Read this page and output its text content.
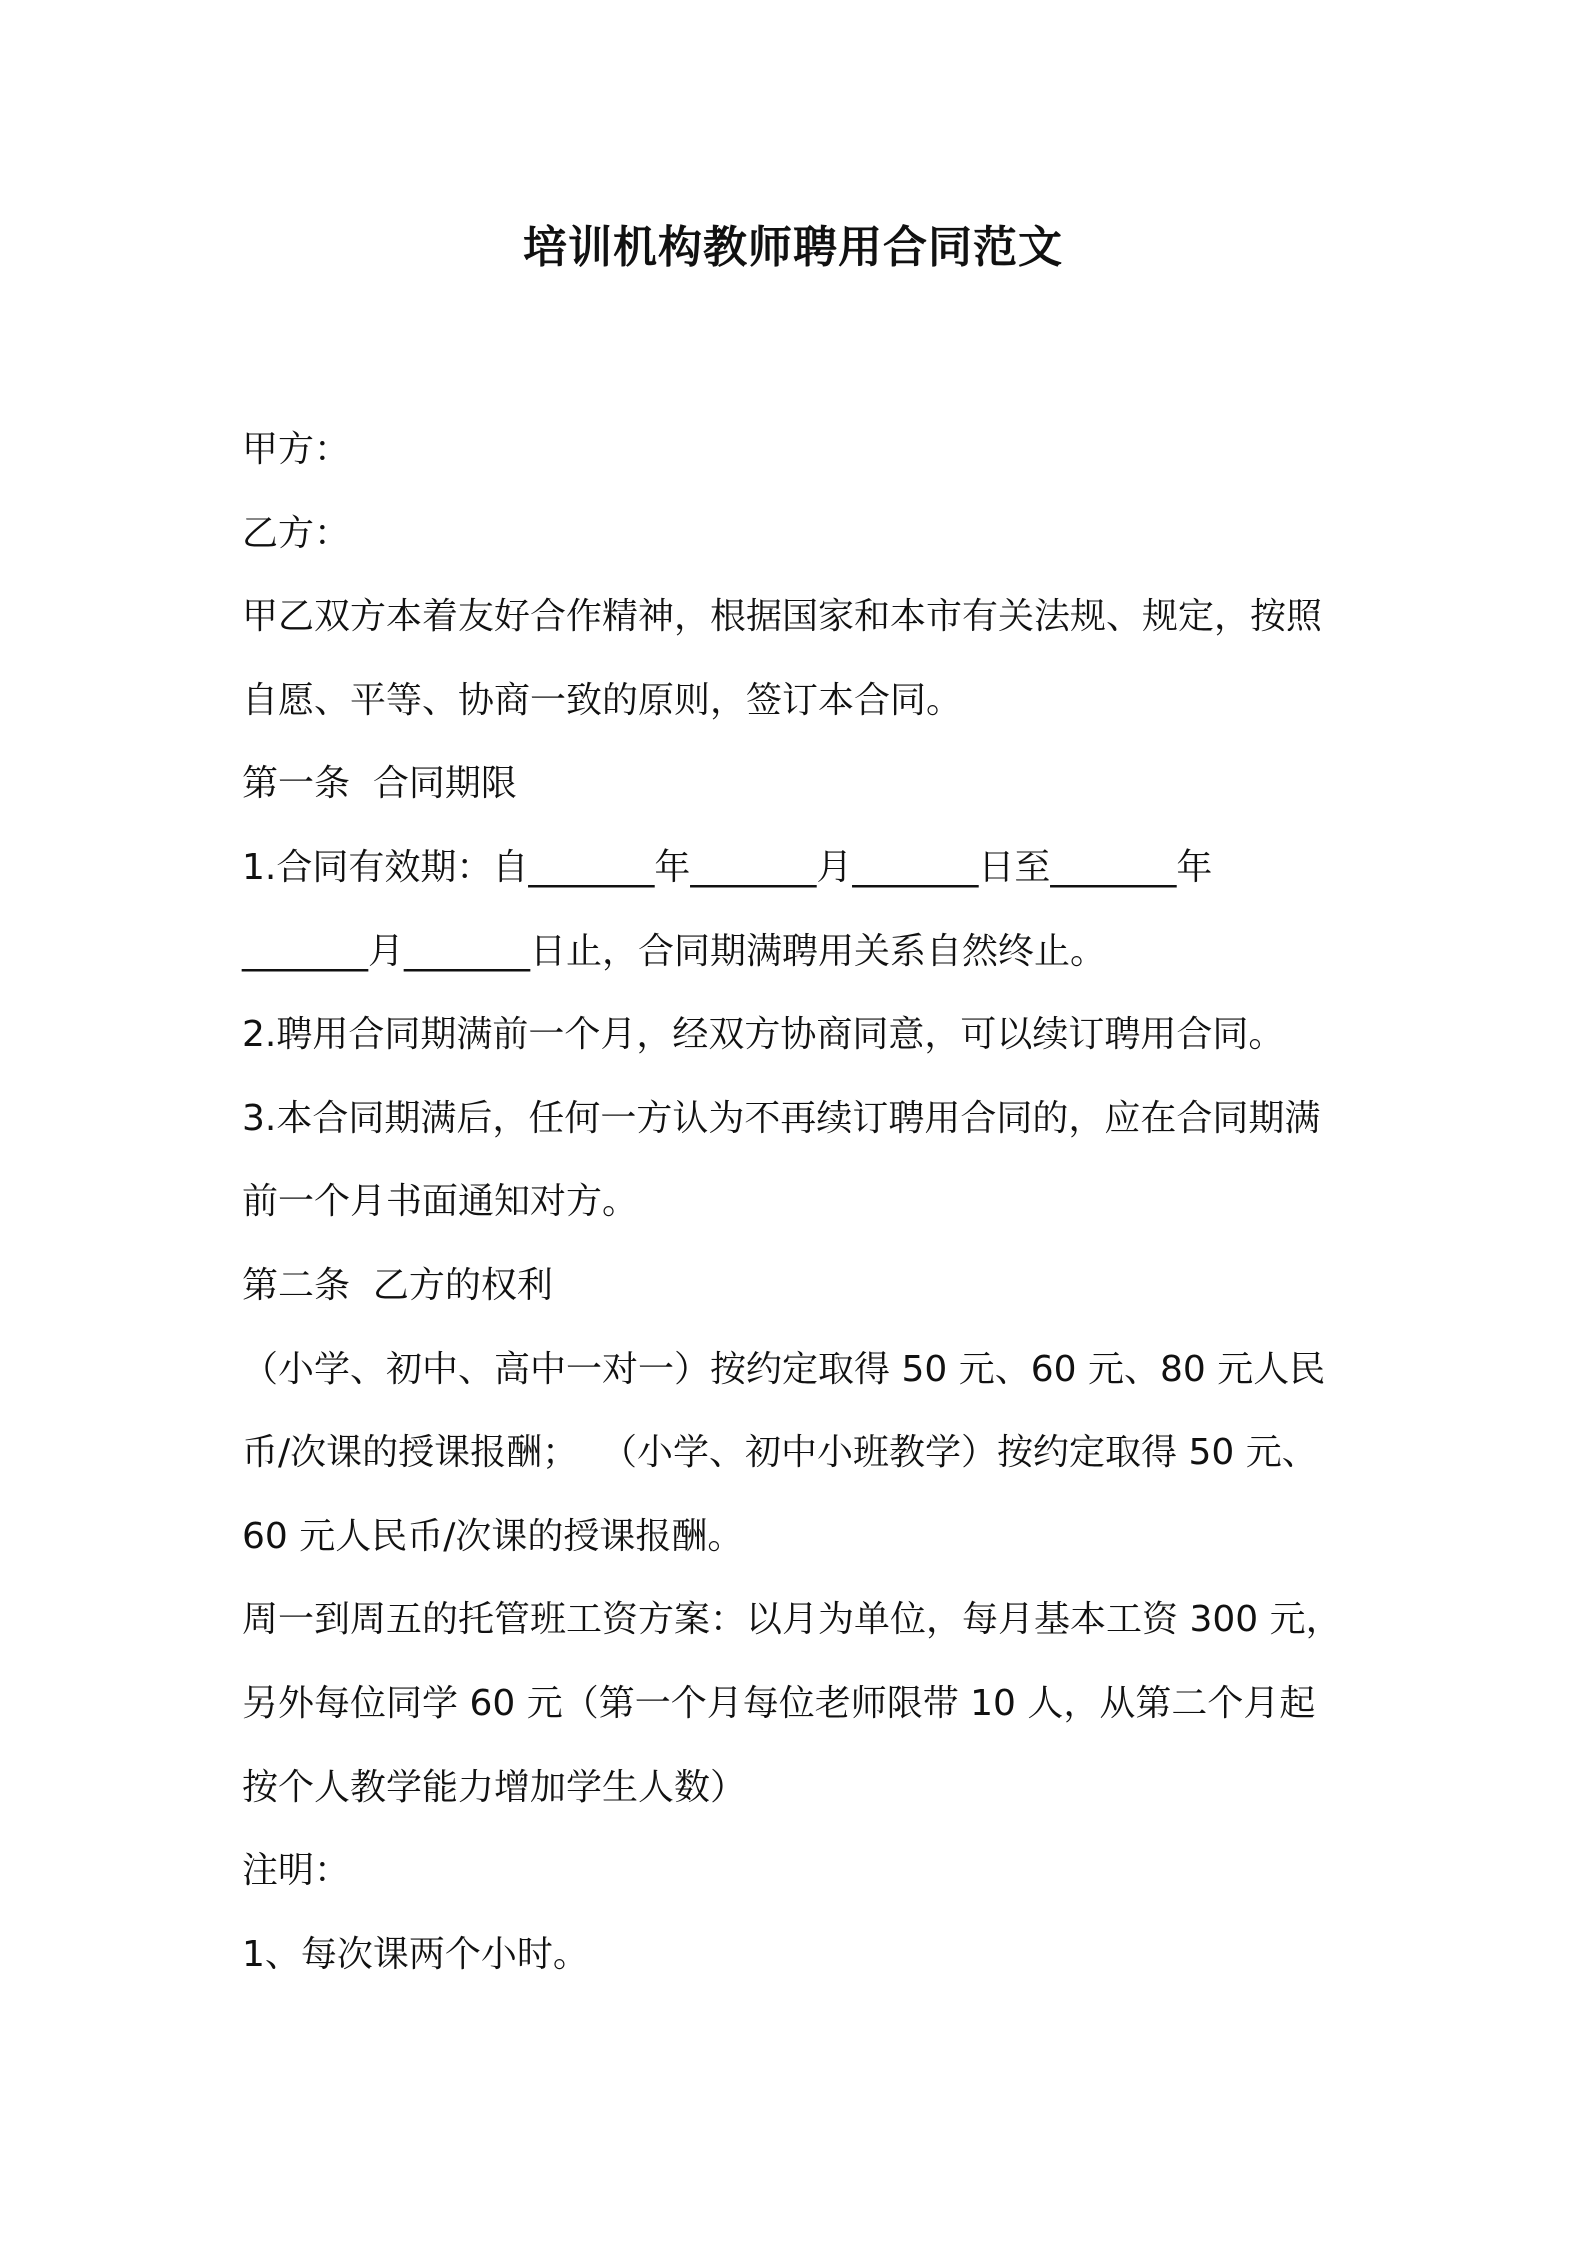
培训机构教师聘用合同范文
甲方：
乙方：
甲乙双方本着友好合作精神，根据国家和本市有关法规、规定，按照
自愿、平等、协商一致的原则，签订本合同。
第一条  合同期限
1.合同有效期：自_______年_______月_______日至_______年
_______月_______日止，合同期满聘用关系自然终止。
2.聘用合同期满前一个月，经双方协商同意，可以续订聘用合同。
3.本合同期满后，任何一方认为不再续订聘用合同的，应在合同期满
前一个月书面通知对方。
第二条  乙方的权利
（小学、初中、高中一对一）按约定取得 50 元、60 元、80 元人民
币/次课的授课报酬；  （小学、初中小班教学）按约定取得 50 元、
60 元人民币/次课的授课报酬。
周一到周五的托管班工资方案：以月为单位，每月基本工资 300 元，
另外每位同学 60 元（第一个月每位老师限带 10 人，从第二个月起
按个人教学能力增加学生人数）
注明：
1、每次课两个小时。
